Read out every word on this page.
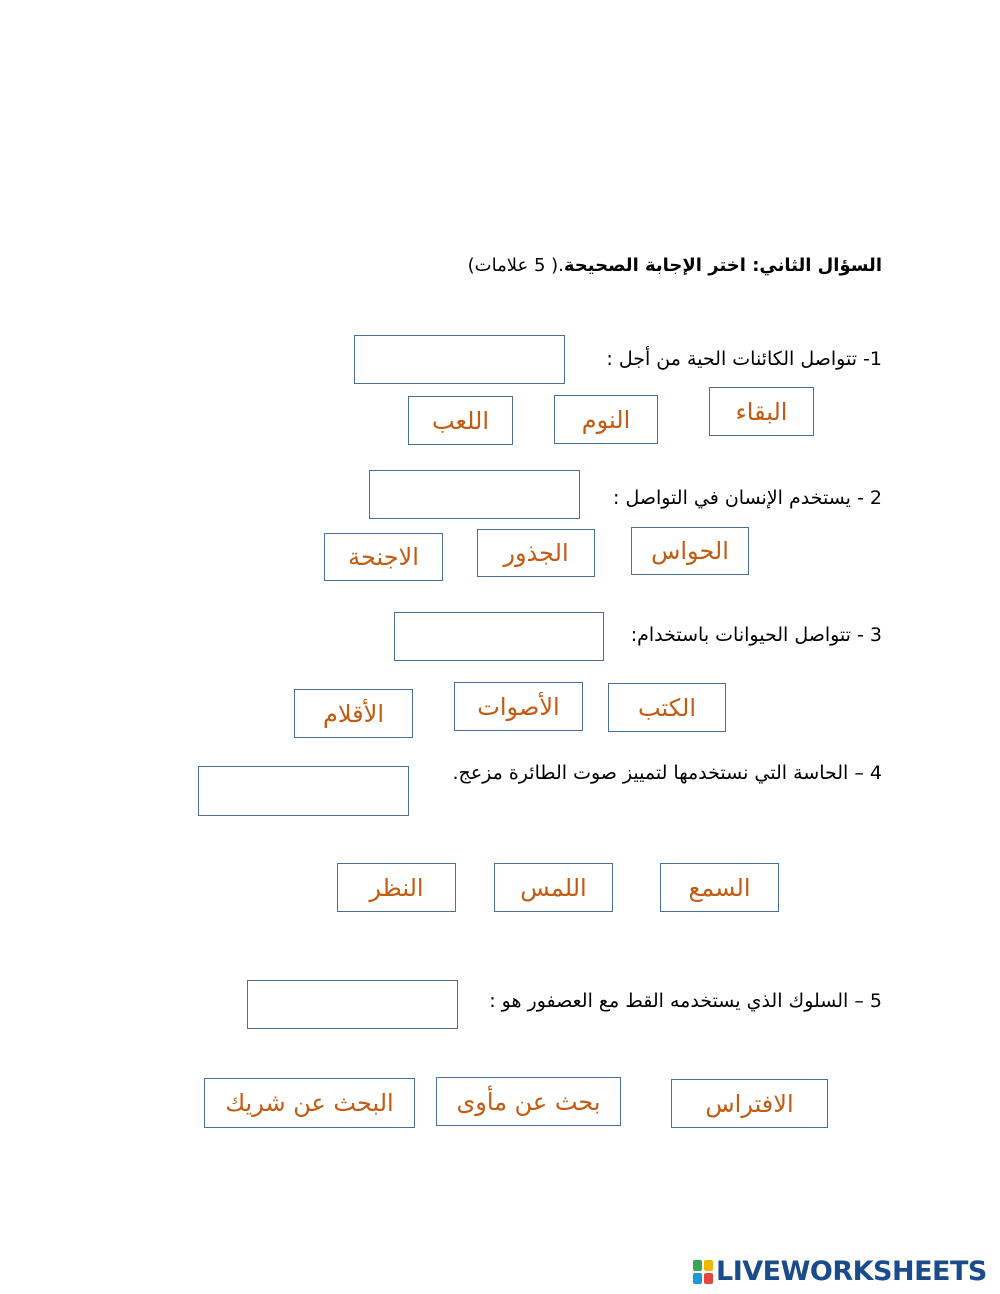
السؤال الثاني: اختر الإجابة الصحيحة.( 5 علامات)
1- تتواصل الكائنات الحية من أجل :
البقاء
النوم
اللعب
2 - يستخدم الإنسان في التواصل :
الحواس
الجذور
الاجنحة
3 - تتواصل الحيوانات باستخدام:
الكتب
الأصوات
الأقلام
4 – الحاسة التي نستخدمها لتمييز صوت الطائرة مزعج.
السمع
اللمس
النظر
5 – السلوك الذي يستخدمه القط مع العصفور هو :
الافتراس
بحث عن مأوى
البحث عن شريك
LIVEWORKSHEETS
